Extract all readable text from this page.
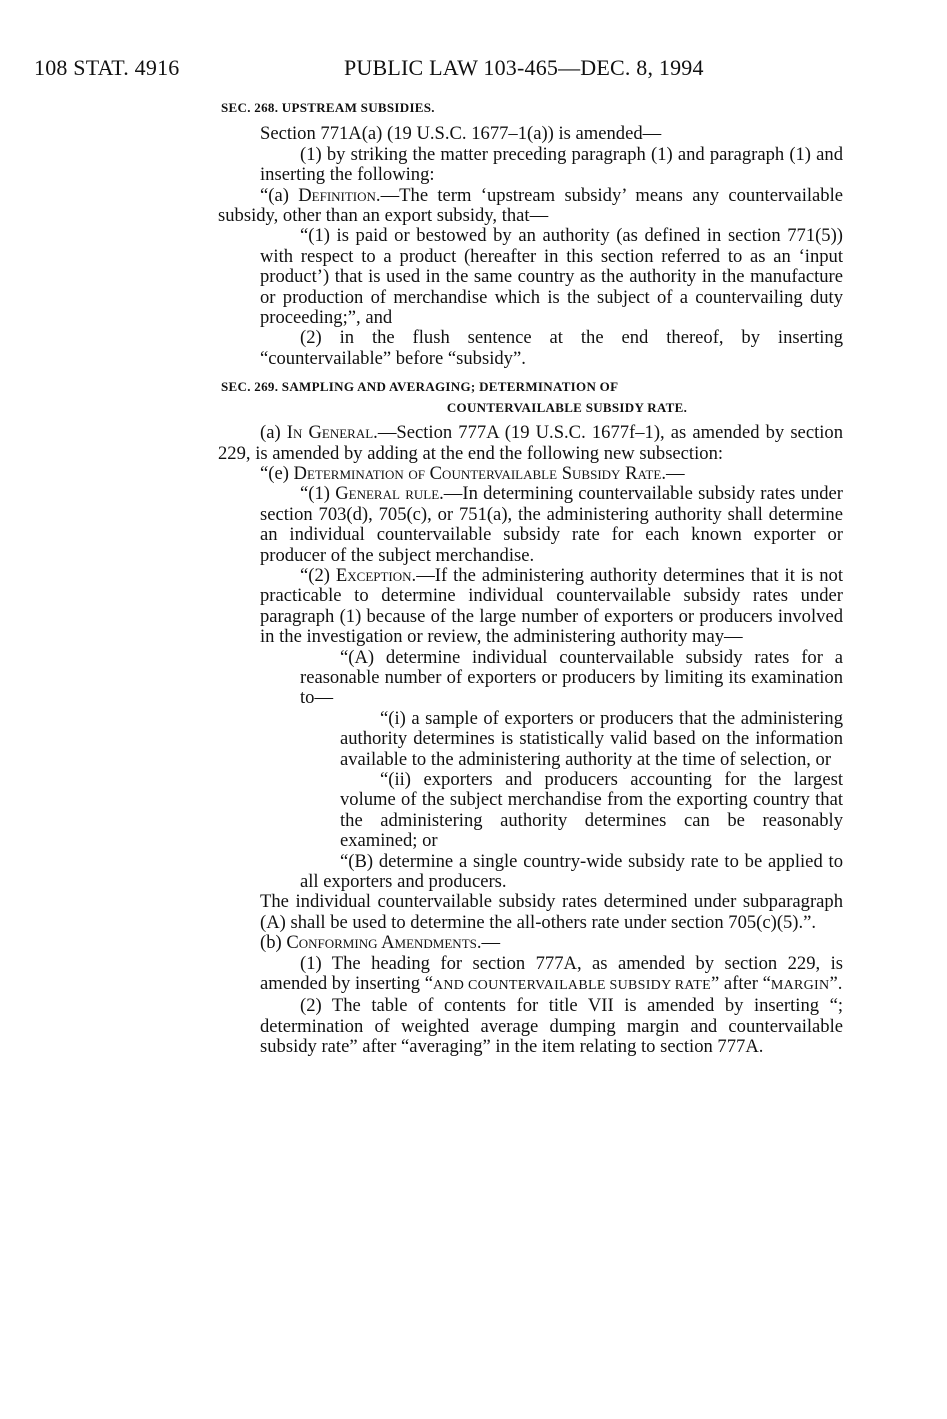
108 STAT. 4916	PUBLIC LAW 103-465—DEC. 8, 1994

SEC. 268. UPSTREAM SUBSIDIES.

Section 771A(a) (19 U.S.C. 1677–1(a)) is amended—

(1) by striking the matter preceding paragraph (1) and paragraph (1) and inserting the following:

“(a) Definition.—The term ‘upstream subsidy’ means any countervailable subsidy, other than an export subsidy, that—

“(1) is paid or bestowed by an authority (as defined in section 771(5)) with respect to a product (hereafter in this section referred to as an ‘input product’) that is used in the same country as the authority in the manufacture or production of merchandise which is the subject of a countervailing duty proceeding;”, and

(2) in the flush sentence at the end thereof, by inserting “countervailable” before “subsidy”.

SEC. 269. SAMPLING AND AVERAGING; DETERMINATION OF
COUNTERVAILABLE SUBSIDY RATE.

(a) In General.—Section 777A (19 U.S.C. 1677f–1), as amended by section 229, is amended by adding at the end the following new subsection:

“(e) Determination of Countervailable Subsidy Rate.—

“(1) General rule.—In determining countervailable subsidy rates under section 703(d), 705(c), or 751(a), the administering authority shall determine an individual countervailable subsidy rate for each known exporter or producer of the subject merchandise.

“(2) Exception.—If the administering authority determines that it is not practicable to determine individual countervailable subsidy rates under paragraph (1) because of the large number of exporters or producers involved in the investigation or review, the administering authority may—

“(A) determine individual countervailable subsidy rates for a reasonable number of exporters or producers by limiting its examination to—

“(i) a sample of exporters or producers that the administering authority determines is statistically valid based on the information available to the administering authority at the time of selection, or

“(ii) exporters and producers accounting for the largest volume of the subject merchandise from the exporting country that the administering authority determines can be reasonably examined; or

“(B) determine a single country-wide subsidy rate to be applied to all exporters and producers.

The individual countervailable subsidy rates determined under subparagraph (A) shall be used to determine the all-others rate under section 705(c)(5).”.

(b) Conforming Amendments.—

(1) The heading for section 777A, as amended by section 229, is amended by inserting “AND COUNTERVAILABLE SUBSIDY RATE” after “MARGIN”.

(2) The table of contents for title VII is amended by inserting “; determination of weighted average dumping margin and countervailable subsidy rate” after “averaging” in the item relating to section 777A.
